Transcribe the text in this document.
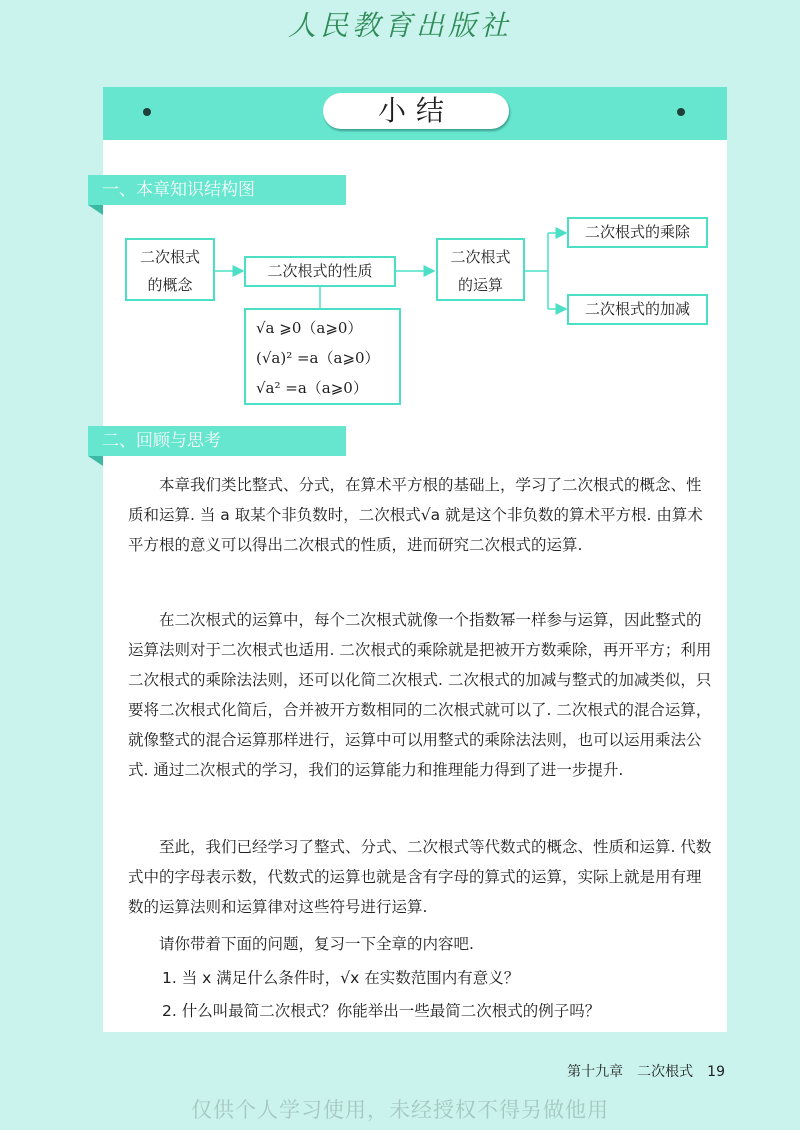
人民教育出版社
小结
一、本章知识结构图
二次根式
的概念
二次根式的性质
二次根式
的运算
二次根式的乘除
二次根式的加减
√a ⩾0（a⩾0）
(√a)² =a（a⩾0）
√a² =a（a⩾0）
二、回顾与思考

本章我们类比整式、分式，在算术平方根的基础上，学习了二次根式的概念、性质和运算. 当 a 取某个非负数时，二次根式√a 就是这个非负数的算术平方根. 由算术平方根的意义可以得出二次根式的性质，进而研究二次根式的运算.

在二次根式的运算中，每个二次根式就像一个指数幂一样参与运算，因此整式的运算法则对于二次根式也适用. 二次根式的乘除就是把被开方数乘除，再开平方；利用二次根式的乘除法法则，还可以化简二次根式. 二次根式的加减与整式的加减类似，只要将二次根式化简后，合并被开方数相同的二次根式就可以了. 二次根式的混合运算，就像整式的混合运算那样进行，运算中可以用整式的乘除法法则，也可以运用乘法公式. 通过二次根式的学习，我们的运算能力和推理能力得到了进一步提升.

至此，我们已经学习了整式、分式、二次根式等代数式的概念、性质和运算. 代数式中的字母表示数，代数式的运算也就是含有字母的算式的运算，实际上就是用有理数的运算法则和运算律对这些符号进行运算.

请你带着下面的问题，复习一下全章的内容吧.

1. 当 x 满足什么条件时，√x 在实数范围内有意义？
2. 什么叫最简二次根式？你能举出一些最简二次根式的例子吗？
第十九章　二次根式 19
仅供个人学习使用，未经授权不得另做他用
